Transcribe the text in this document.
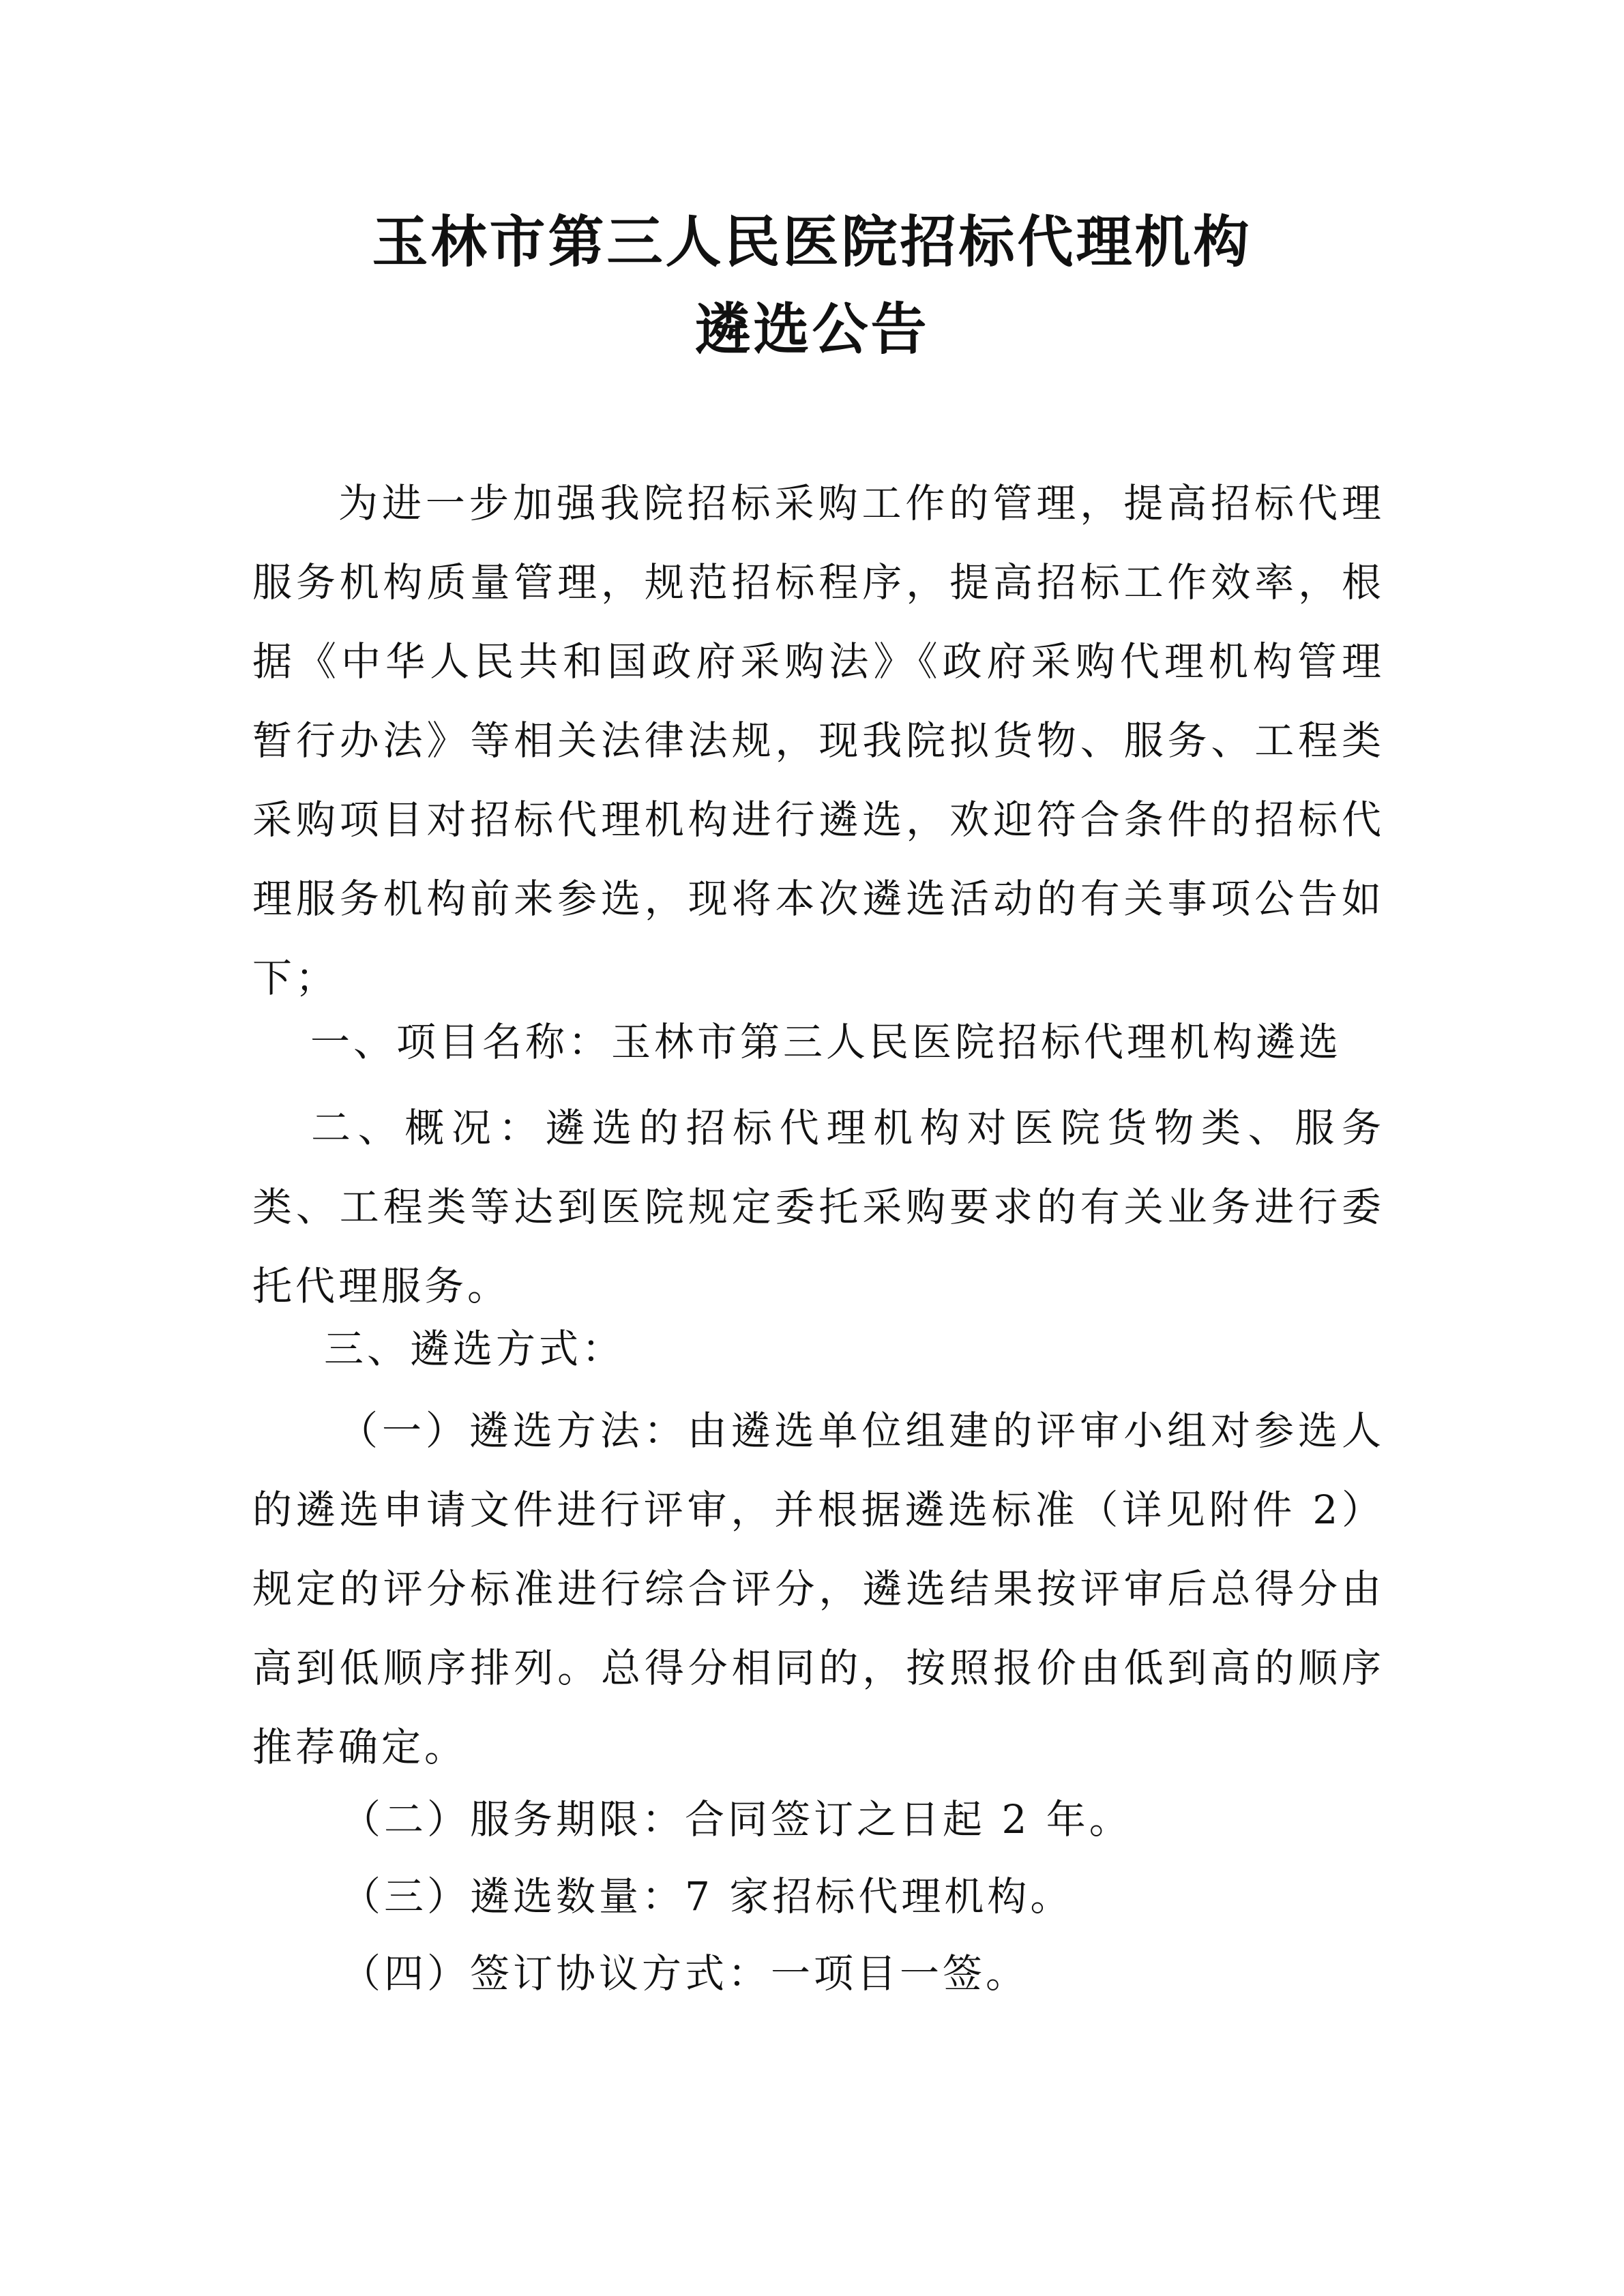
玉林市第三人民医院招标代理机构
遴选公告

为进一步加强我院招标采购工作的管理，提高招标代理服务机构质量管理，规范招标程序，提高招标工作效率，根据《中华人民共和国政府采购法》《政府采购代理机构管理暂行办法》等相关法律法规，现我院拟货物、服务、工程类采购项目对招标代理机构进行遴选，欢迎符合条件的招标代理服务机构前来参选，现将本次遴选活动的有关事项公告如下；

一、项目名称：玉林市第三人民医院招标代理机构遴选

二、概况：遴选的招标代理机构对医院货物类、服务类、工程类等达到医院规定委托采购要求的有关业务进行委托代理服务。

三、遴选方式：

（一）遴选方法：由遴选单位组建的评审小组对参选人的遴选申请文件进行评审，并根据遴选标准（详见附件 2）规定的评分标准进行综合评分，遴选结果按评审后总得分由高到低顺序排列。总得分相同的，按照报价由低到高的顺序推荐确定。

（二）服务期限：合同签订之日起 2 年。
（三）遴选数量：7 家招标代理机构。
（四）签订协议方式：一项目一签。
